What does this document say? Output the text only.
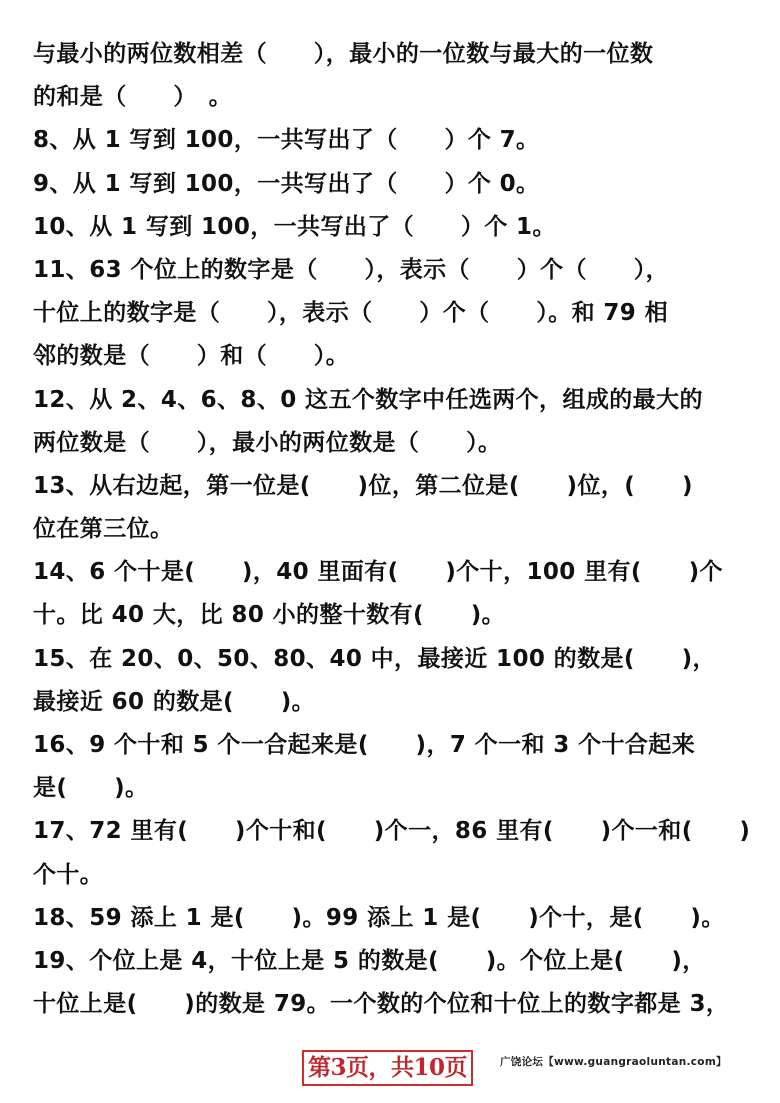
与最小的两位数相差（　　），最小的一位数与最大的一位数
的和是（　　）　。
8、从 1 写到 100，一共写出了（　　）个 7。
9、从 1 写到 100，一共写出了（　　）个 0。
10、从 1 写到 100，一共写出了（　　）个 1。
11、63 个位上的数字是（　　），表示（　　）个（　　），
十位上的数字是（　　），表示（　　）个（　　）。和 79 相
邻的数是（　　）和（　　）。
12、从 2、4、6、8、0 这五个数字中任选两个，组成的最大的
两位数是（　　），最小的两位数是（　　）。
13、从右边起，第一位是(　　)位，第二位是(　　)位，(　　)
位在第三位。
14、6 个十是(　　)，40 里面有(　　)个十，100 里有(　　)个
十。比 40 大，比 80 小的整十数有(　　)。
15、在 20、0、50、80、40 中，最接近 100 的数是(　　)，
最接近 60 的数是(　　)。
16、9 个十和 5 个一合起来是(　　)，7 个一和 3 个十合起来
是(　　)。
17、72 里有(　　)个十和(　　)个一，86 里有(　　)个一和(　　)
个十。
18、59 添上 1 是(　　)。99 添上 1 是(　　)个十，是(　　)。
19、个位上是 4，十位上是 5 的数是(　　)。个位上是(　　)，
十位上是(　　)的数是 79。一个数的个位和十位上的数字都是 3，
第3页，共10页	广饶论坛【www.guangraoluntan.com】
